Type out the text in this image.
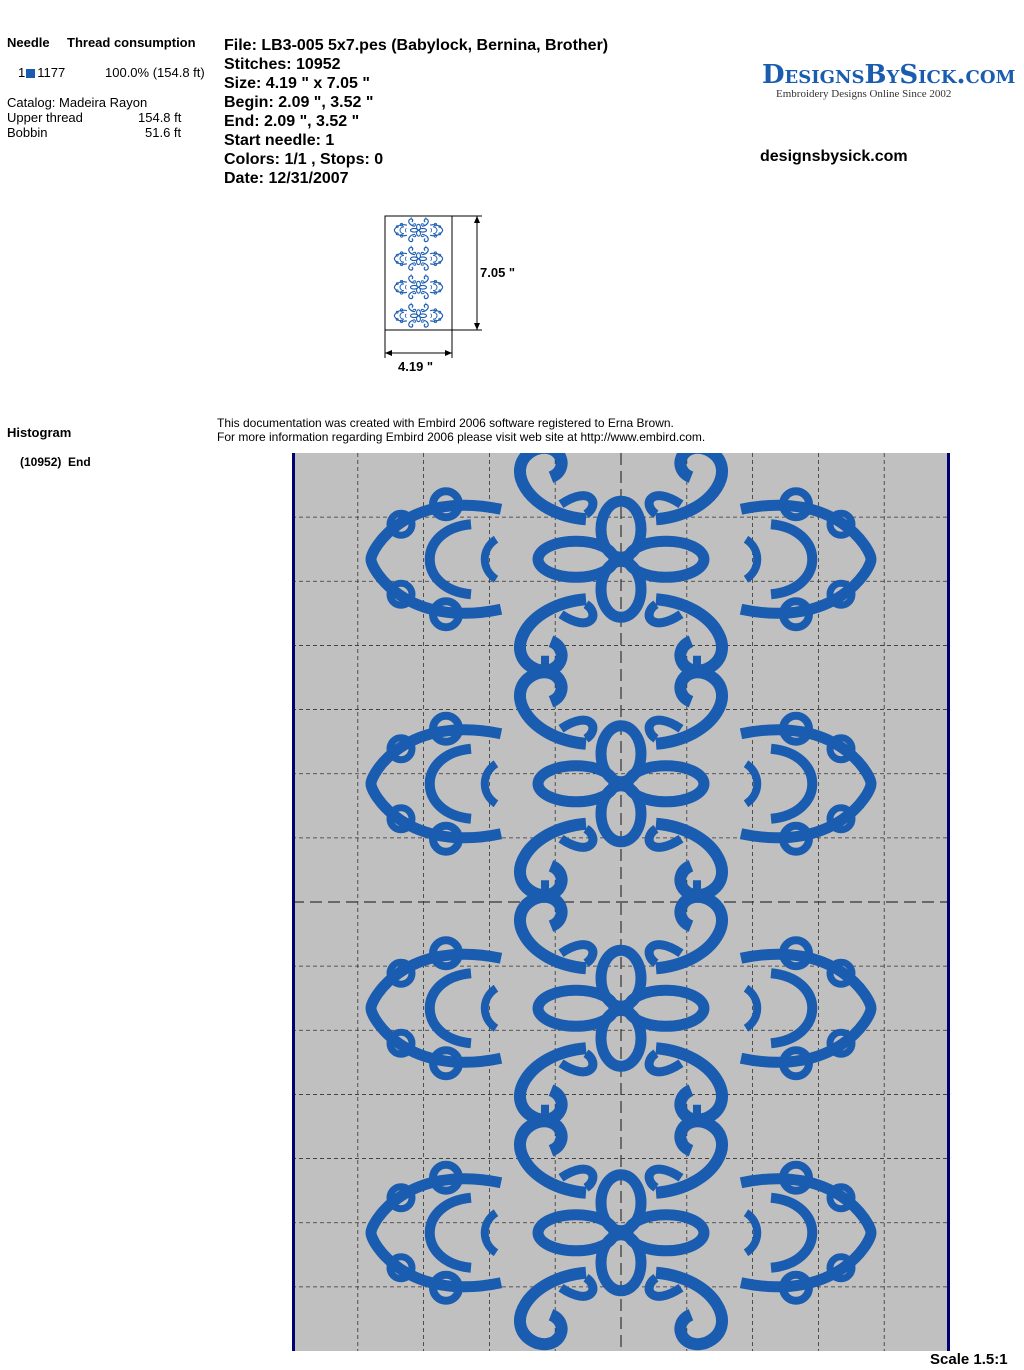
Needle Thread consumption
1 1177	100.0% (154.8 ft)
Catalog: Madeira Rayon
Upper thread	154.8 ft
Bobbin	51.6 ft
Histogram
(10952) End
File: LB3-005 5x7.pes (Babylock, Bernina, Brother)
Stitches: 10952
Size: 4.19 " x 7.05 "
Begin: 2.09 ", 3.52 "
End: 2.09 ", 3.52 "
Start needle: 1
Colors: 1/1 , Stops: 0
Date: 12/31/2007
DesignsBySick.com
Embroidery Designs Online Since 2002
designsbysick.com
7.05 "
4.19 "
This documentation was created with Embird 2006 software registered to Erna Brown.
For more information regarding Embird 2006 please visit web site at http://www.embird.com.
Scale 1.5:1
